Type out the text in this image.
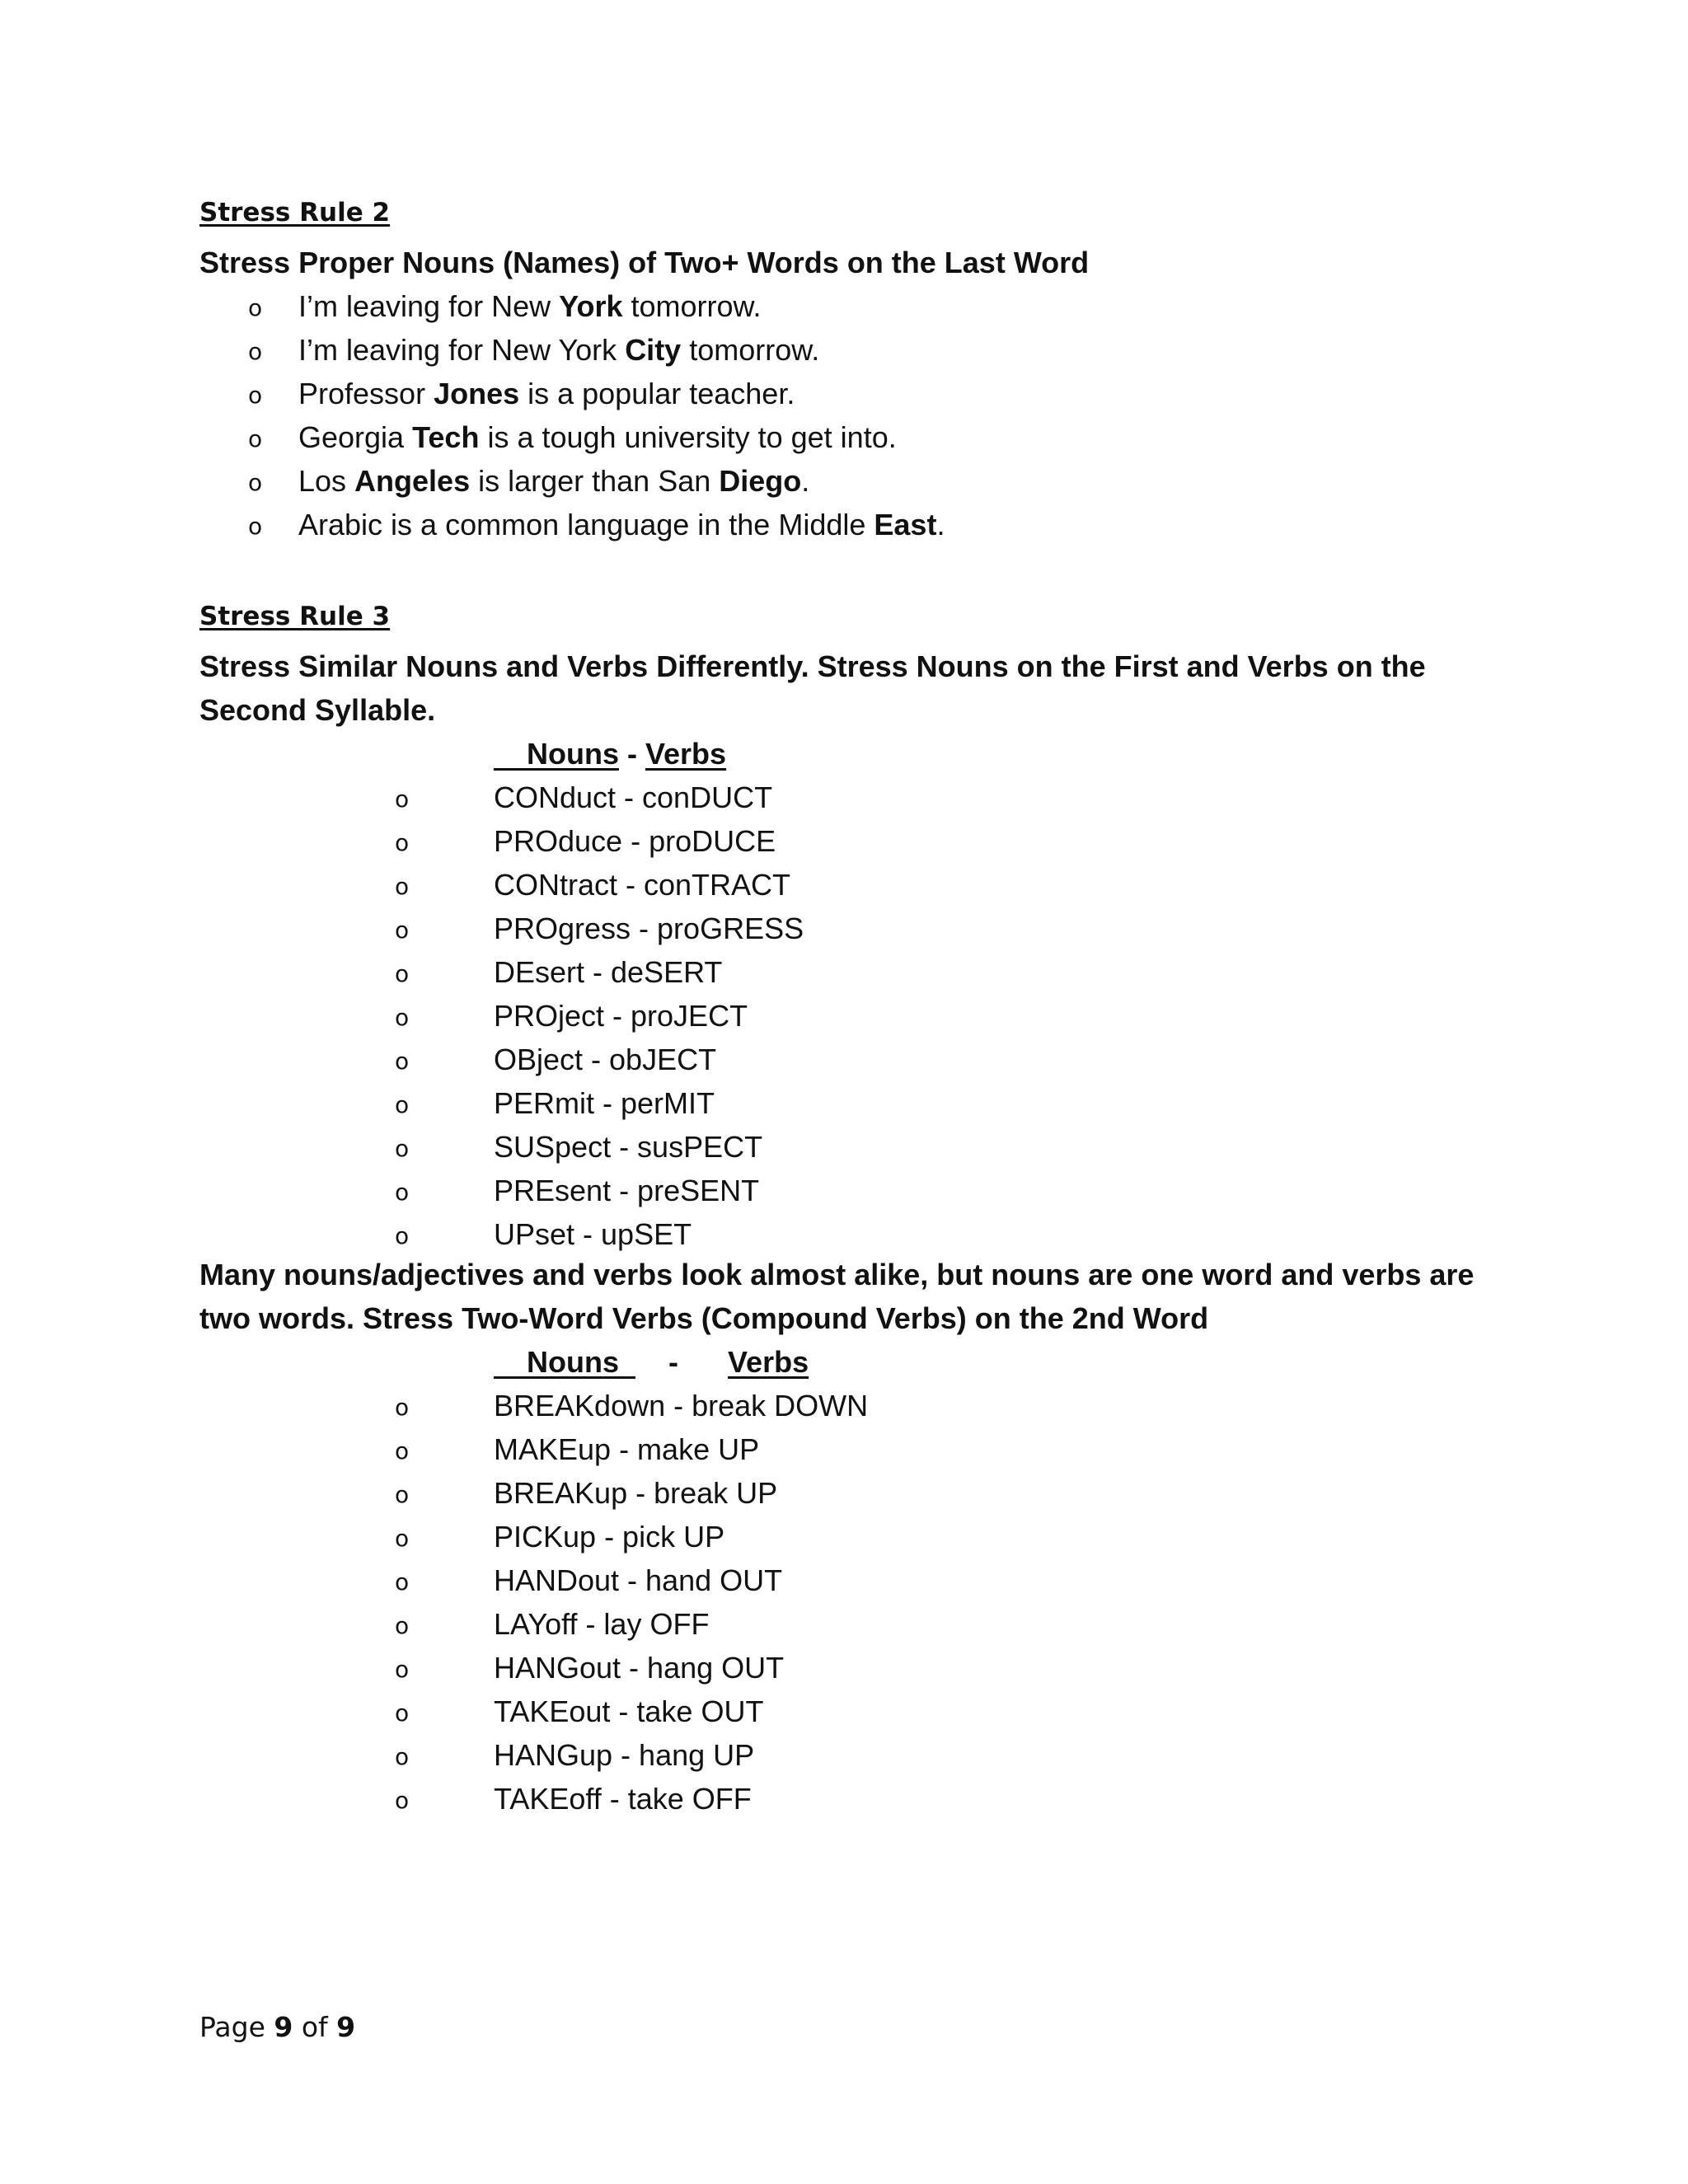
Stress Rule 2
Stress Proper Nouns (Names) of Two+ Words on the Last Word
o I’m leaving for New York tomorrow.
o I’m leaving for New York City tomorrow.
o Professor Jones is a popular teacher.
o Georgia Tech is a tough university to get into.
o Los Angeles is larger than San Diego.
o Arabic is a common language in the Middle East.
Stress Rule 3
Stress Similar Nouns and Verbs Differently. Stress Nouns on the First and Verbs on the Second Syllable.
Nouns - Verbs
o	CONduct - conDUCT
o	PROduce - proDUCE
o	CONtract - conTRACT
o	PROgress - proGRESS
o	DEsert - deSERT
o	PROject - proJECT
o	OBject - obJECT
o	PERmit - perMIT
o	SUSpect - susPECT
o	PREsent - preSENT
o	UPset - upSET
Many nouns/adjectives and verbs look almost alike, but nouns are one word and verbs are two words. Stress Two-Word Verbs (Compound Verbs) on the 2nd Word
Nouns      -      Verbs
o	BREAKdown - break DOWN
o	MAKEup - make UP
o	BREAKup - break UP
o	PICKup - pick UP
o	HANDout - hand OUT
o	LAYoff - lay OFF
o	HANGout - hang OUT
o	TAKEout - take OUT
o	HANGup - hang UP
o	TAKEoff - take OFF
Page 9 of 9
